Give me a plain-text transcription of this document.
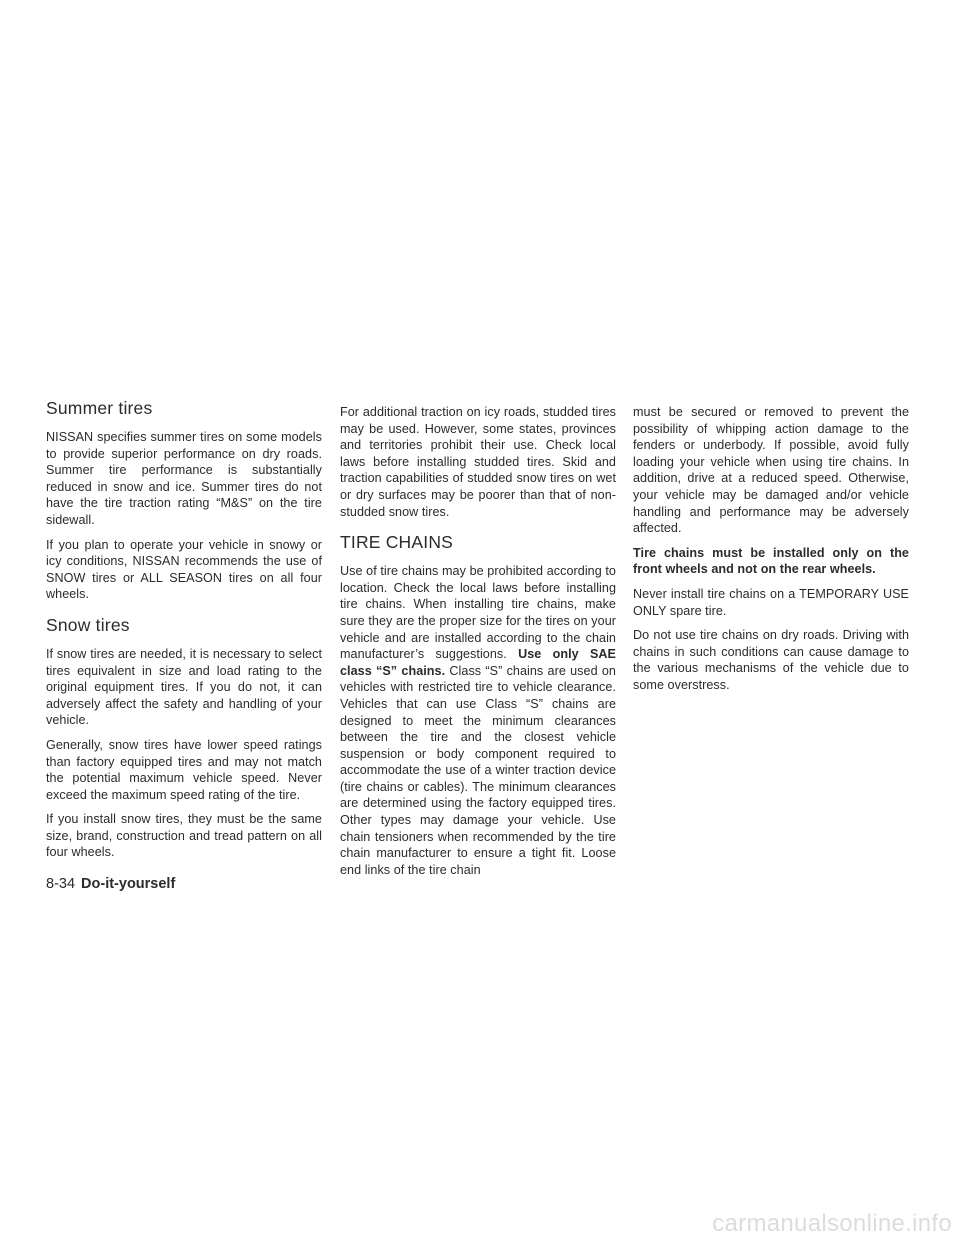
Summer tires

NISSAN specifies summer tires on some models to provide superior performance on dry roads. Summer tire performance is substantially reduced in snow and ice. Summer tires do not have the tire traction rating “M&S” on the tire sidewall.

If you plan to operate your vehicle in snowy or icy conditions, NISSAN recommends the use of SNOW tires or ALL SEASON tires on all four wheels.

Snow tires

If snow tires are needed, it is necessary to select tires equivalent in size and load rating to the original equipment tires. If you do not, it can adversely affect the safety and handling of your vehicle.

Generally, snow tires have lower speed ratings than factory equipped tires and may not match the potential maximum vehicle speed. Never exceed the maximum speed rating of the tire.

If you install snow tires, they must be the same size, brand, construction and tread pattern on all four wheels.

For additional traction on icy roads, studded tires may be used. However, some states, provinces and territories prohibit their use. Check local laws before installing studded tires. Skid and traction capabilities of studded snow tires on wet or dry surfaces may be poorer than that of non-studded snow tires.

TIRE CHAINS

Use of tire chains may be prohibited according to location. Check the local laws before installing tire chains. When installing tire chains, make sure they are the proper size for the tires on your vehicle and are installed according to the chain manufacturer’s suggestions. Use only SAE class “S” chains. Class “S” chains are used on vehicles with restricted tire to vehicle clearance. Vehicles that can use Class “S” chains are designed to meet the minimum clearances between the tire and the closest vehicle suspension or body component required to accommodate the use of a winter traction device (tire chains or cables). The minimum clearances are determined using the factory equipped tires. Other types may damage your vehicle. Use chain tensioners when recommended by the tire chain manufacturer to ensure a tight fit. Loose end links of the tire chain

must be secured or removed to prevent the possibility of whipping action damage to the fenders or underbody. If possible, avoid fully loading your vehicle when using tire chains. In addition, drive at a reduced speed. Otherwise, your vehicle may be damaged and/or vehicle handling and performance may be adversely affected.

Tire chains must be installed only on the front wheels and not on the rear wheels.

Never install tire chains on a TEMPORARY USE ONLY spare tire.

Do not use tire chains on dry roads. Driving with chains in such conditions can cause damage to the various mechanisms of the vehicle due to some overstress.

8-34 Do-it-yourself
carmanualsonline.info
